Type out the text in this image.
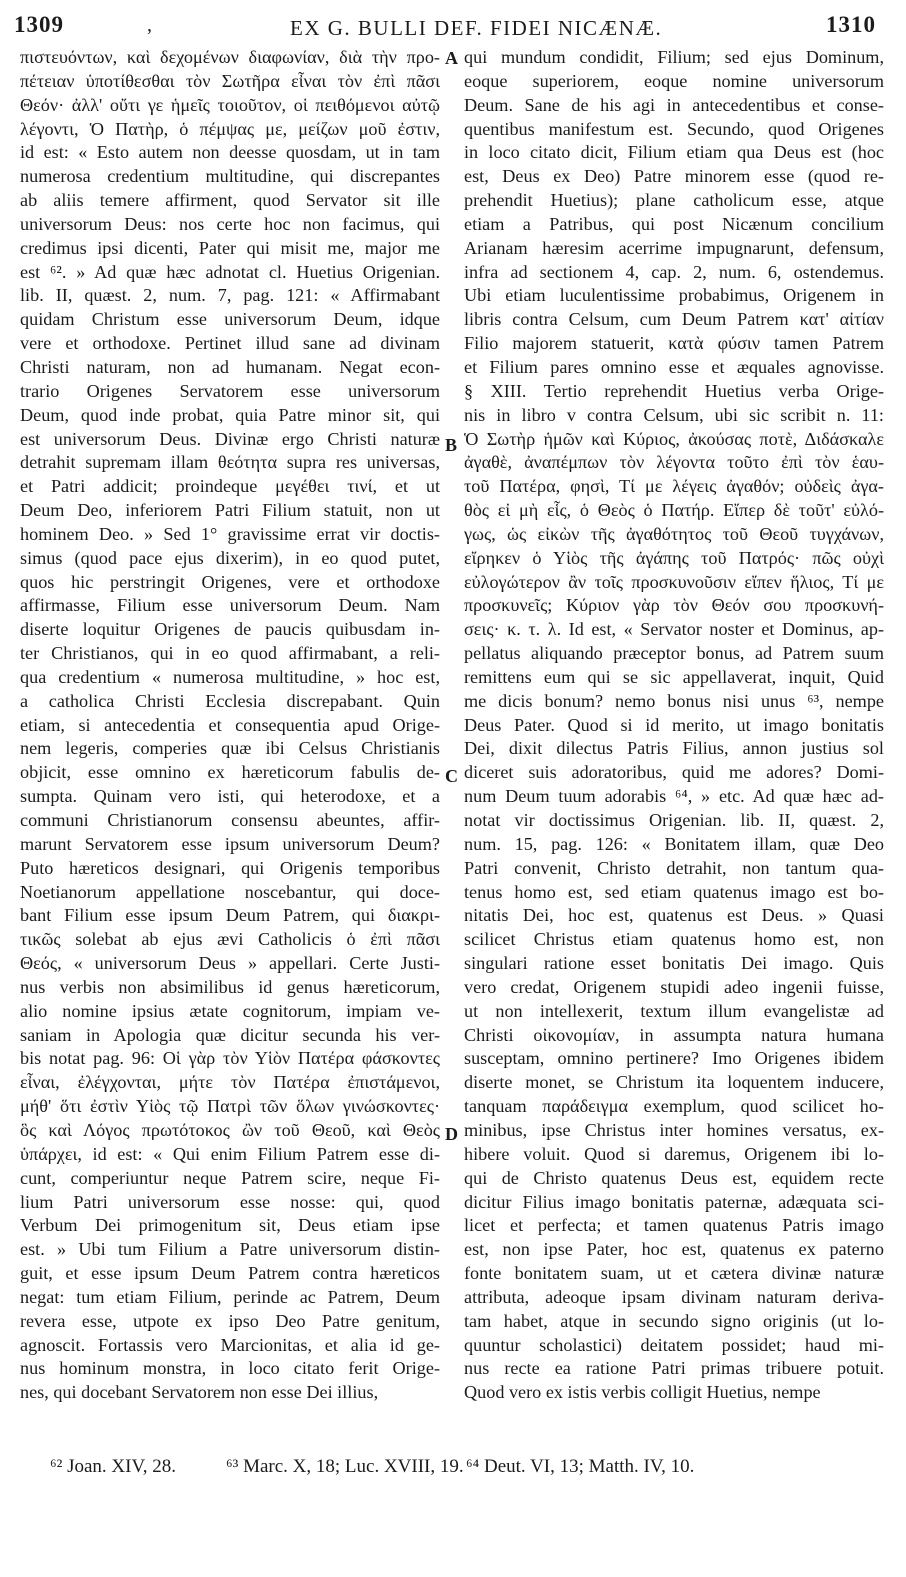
1309	,	EX G. BULLI DEF. FIDEI NICÆNÆ.	1310
πιστευόντων, καὶ δεχομένων διαφωνίαν, διὰ τὴν προ-
πέτειαν ὑποτίθεσθαι τὸν Σωτῆρα εἶναι τὸν ἐπὶ πᾶσι
Θεόν· ἀλλ' οὔτι γε ἡμεῖς τοιοῦτον, οἱ πειθόμενοι αὐτῷ
λέγοντι, Ὁ Πατὴρ, ὁ πέμψας με, μείζων μοῦ ἐστιν,
id est: « Esto autem non deesse quosdam, ut in tam
numerosa credentium multitudine, qui discrepantes
ab aliis temere affirment, quod Servator sit ille
universorum Deus: nos certe hoc non facimus, qui
credimus ipsi dicenti, Pater qui misit me, major me
est ⁶². » Ad quæ hæc adnotat cl. Huetius Origenian.
lib. II, quæst. 2, num. 7, pag. 121: « Affirmabant
quidam Christum esse universorum Deum, idque
vere et orthodoxe. Pertinet illud sane ad divinam
Christi naturam, non ad humanam. Negat econ-
trario Origenes Servatorem esse universorum
Deum, quod inde probat, quia Patre minor sit, qui
est universorum Deus. Divinæ ergo Christi naturæ
detrahit supremam illam θεότητα supra res universas,
et Patri addicit; proindeque μεγέθει τινί, et ut
Deum Deo, inferiorem Patri Filium statuit, non ut
hominem Deo. » Sed 1° gravissime errat vir doctis-
simus (quod pace ejus dixerim), in eo quod putet,
quos hic perstringit Origenes, vere et orthodoxe
affirmasse, Filium esse universorum Deum. Nam
diserte loquitur Origenes de paucis quibusdam in-
ter Christianos, qui in eo quod affirmabant, a reli-
qua credentium « numerosa multitudine, » hoc est,
a catholica Christi Ecclesia discrepabant. Quin
etiam, si antecedentia et consequentia apud Orige-
nem legeris, comperies quæ ibi Celsus Christianis
objicit, esse omnino ex hæreticorum fabulis de-
sumpta. Quinam vero isti, qui heterodoxe, et a
communi Christianorum consensu abeuntes, affir-
marunt Servatorem esse ipsum universorum Deum?
Puto hæreticos designari, qui Origenis temporibus
Noetianorum appellatione noscebantur, qui doce-
bant Filium esse ipsum Deum Patrem, qui διακρι-
τικῶς solebat ab ejus ævi Catholicis ὁ ἐπὶ πᾶσι
Θεός, « universorum Deus » appellari. Certe Justi-
nus verbis non absimilibus id genus hæreticorum,
alio nomine ipsius ætate cognitorum, impiam ve-
saniam in Apologia quæ dicitur secunda his ver-
bis notat pag. 96: Οἱ γὰρ τὸν Υἱὸν Πατέρα φάσκοντες
εἶναι, ἐλέγχονται, μήτε τὸν Πατέρα ἐπιστάμενοι,
μήθ' ὅτι ἐστὶν Υἱὸς τῷ Πατρὶ τῶν ὅλων γινώσκοντες·
ὃς καὶ Λόγος πρωτότοκος ὢν τοῦ Θεοῦ, καὶ Θεὸς
ὑπάρχει, id est: « Qui enim Filium Patrem esse di-
cunt, comperiuntur neque Patrem scire, neque Fi-
lium Patri universorum esse nosse: qui, quod
Verbum Dei primogenitum sit, Deus etiam ipse
est. » Ubi tum Filium a Patre universorum distin-
guit, et esse ipsum Deum Patrem contra hæreticos
negat: tum etiam Filium, perinde ac Patrem, Deum
revera esse, utpote ex ipso Deo Patre genitum,
agnoscit. Fortassis vero Marcionitas, et alia id ge-
nus hominum monstra, in loco citato ferit Orige-
nes, qui docebant Servatorem non esse Dei illius,
A
B
C
D
qui mundum condidit, Filium; sed ejus Dominum,
eoque superiorem, eoque nomine universorum
Deum. Sane de his agi in antecedentibus et conse-
quentibus manifestum est. Secundo, quod Origenes
in loco citato dicit, Filium etiam qua Deus est (hoc
est, Deus ex Deo) Patre minorem esse (quod re-
prehendit Huetius); plane catholicum esse, atque
etiam a Patribus, qui post Nicænum concilium
Arianam hæresim acerrime impugnarunt, defensum,
infra ad sectionem 4, cap. 2, num. 6, ostendemus.
Ubi etiam luculentissime probabimus, Origenem in
libris contra Celsum, cum Deum Patrem κατ' αἰτίαν
Filio majorem statuerit, κατὰ φύσιν tamen Patrem
et Filium pares omnino esse et æquales agnovisse.
§ XIII. Tertio reprehendit Huetius verba Orige-
nis in libro v contra Celsum, ubi sic scribit n. 11:
Ὁ Σωτὴρ ἡμῶν καὶ Κύριος, ἀκούσας ποτὲ, Διδάσκαλε
ἀγαθὲ, ἀναπέμπων τὸν λέγοντα τοῦτο ἐπὶ τὸν ἑαυ-
τοῦ Πατέρα, φησὶ, Τί με λέγεις ἀγαθόν; οὐδεὶς ἀγα-
θὸς εἰ μὴ εἷς, ὁ Θεὸς ὁ Πατήρ. Εἴπερ δὲ τοῦτ' εὐλό-
γως, ὡς εἰκὼν τῆς ἀγαθότητος τοῦ Θεοῦ τυγχάνων,
εἴρηκεν ὁ Υἱὸς τῆς ἀγάπης τοῦ Πατρός· πῶς οὐχὶ
εὐλογώτερον ἂν τοῖς προσκυνοῦσιν εἴπεν ἥλιος, Τί με
προσκυνεῖς; Κύριον γὰρ τὸν Θεόν σου προσκυνή-
σεις· κ. τ. λ. Id est, « Servator noster et Dominus, ap-
pellatus aliquando præceptor bonus, ad Patrem suum
remittens eum qui se sic appellaverat, inquit, Quid
me dicis bonum? nemo bonus nisi unus ⁶³, nempe
Deus Pater. Quod si id merito, ut imago bonitatis
Dei, dixit dilectus Patris Filius, annon justius sol
diceret suis adoratoribus, quid me adores? Domi-
num Deum tuum adorabis ⁶⁴, » etc. Ad quæ hæc ad-
notat vir doctissimus Origenian. lib. II, quæst. 2,
num. 15, pag. 126: « Bonitatem illam, quæ Deo
Patri convenit, Christo detrahit, non tantum qua-
tenus homo est, sed etiam quatenus imago est bo-
nitatis Dei, hoc est, quatenus est Deus. » Quasi
scilicet Christus etiam quatenus homo est, non
singulari ratione esset bonitatis Dei imago. Quis
vero credat, Origenem stupidi adeo ingenii fuisse,
ut non intellexerit, textum illum evangelistæ ad
Christi οἰκονομίαν, in assumpta natura humana
susceptam, omnino pertinere? Imo Origenes ibidem
diserte monet, se Christum ita loquentem inducere,
tanquam παράδειγμα exemplum, quod scilicet ho-
minibus, ipse Christus inter homines versatus, ex-
hibere voluit. Quod si daremus, Origenem ibi lo-
qui de Christo quatenus Deus est, equidem recte
dicitur Filius imago bonitatis paternæ, adæquata sci-
licet et perfecta; et tamen quatenus Patris imago
est, non ipse Pater, hoc est, quatenus ex paterno
fonte bonitatem suam, ut et cætera divinæ naturæ
attributa, adeoque ipsam divinam naturam deriva-
tam habet, atque in secundo signo originis (ut lo-
quuntur scholastici) deitatem possidet; haud mi-
nus recte ea ratione Patri primas tribuere potuit.
Quod vero ex istis verbis colligit Huetius, nempe
⁶² Joan. XIV, 28.	⁶³ Marc. X, 18; Luc. XVIII, 19. ⁶⁴ Deut. VI, 13; Matth. IV, 10.
